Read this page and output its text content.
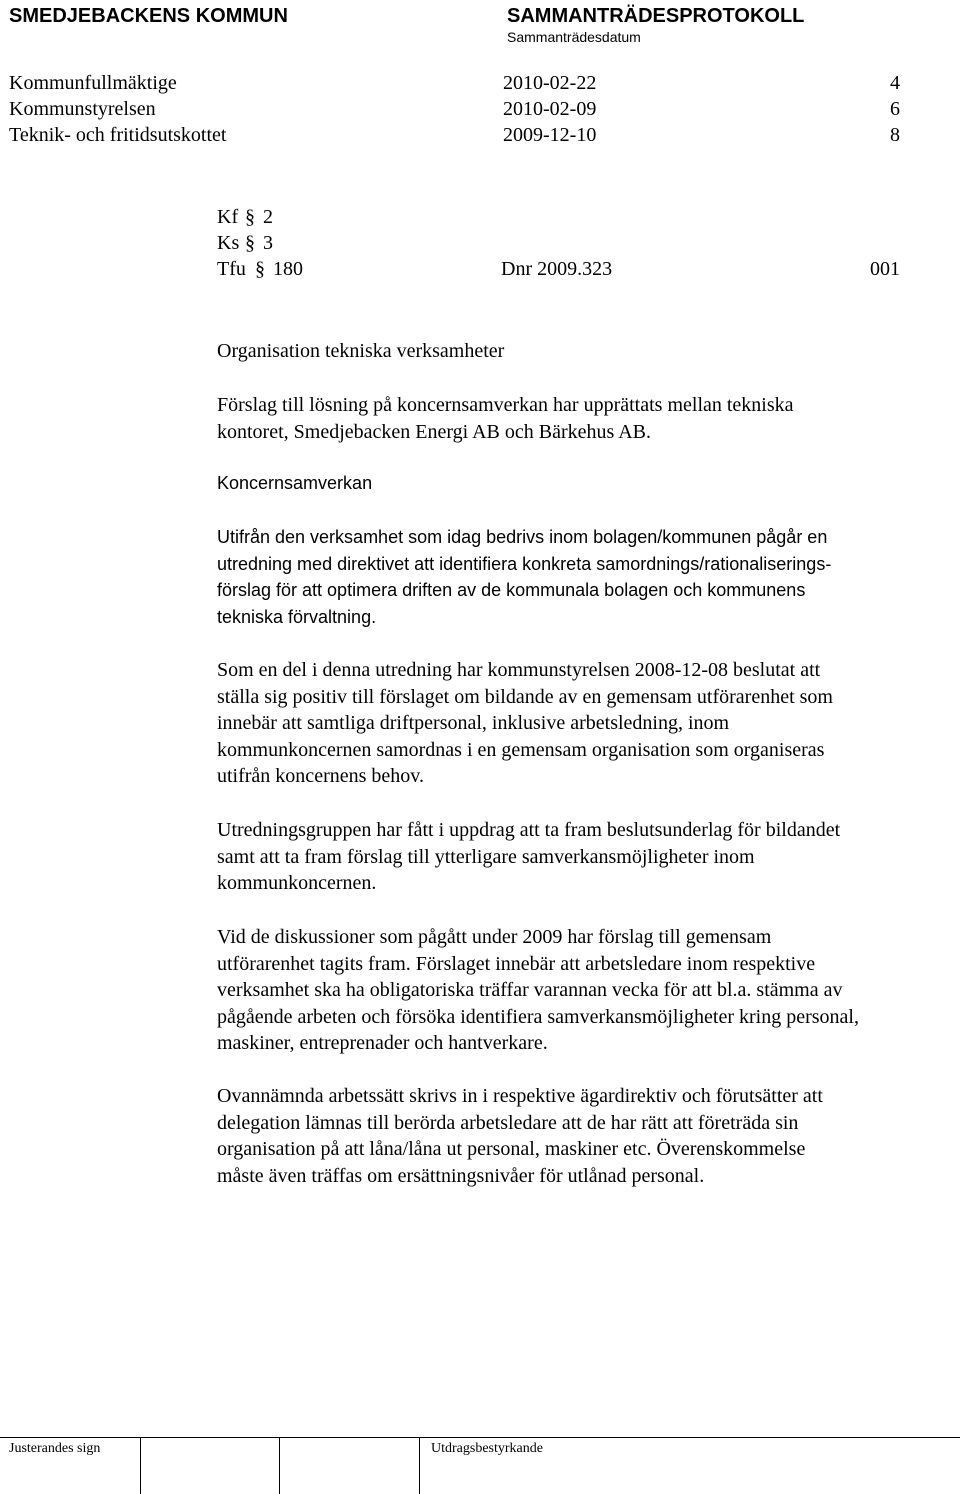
SMEDJEBACKENS KOMMUN	SAMMANTRÄDESPROTOKOLL
Sammanträdesdatum
Kommunfullmäktige	2010-02-22	4
Kommunstyrelsen	2010-02-09	6
Teknik- och fritidsutskottet	2009-12-10	8
Kf § 2
Ks § 3
Tfu § 180	Dnr 2009.323	001
Organisation tekniska verksamheter

Förslag till lösning på koncernsamverkan har upprättats mellan tekniska
kontoret, Smedjebacken Energi AB och Bärkehus AB.

Koncernsamverkan

Utifrån den verksamhet som idag bedrivs inom bolagen/kommunen pågår en
utredning med direktivet att identifiera konkreta samordnings/rationaliserings-
förslag för att optimera driften av de kommunala bolagen och kommunens
tekniska förvaltning.

Som en del i denna utredning har kommunstyrelsen 2008-12-08 beslutat att
ställa sig positiv till förslaget om bildande av en gemensam utförarenhet som
innebär att samtliga driftpersonal, inklusive arbetsledning, inom
kommunkoncernen samordnas i en gemensam organisation som organiseras
utifrån koncernens behov.

Utredningsgruppen har fått i uppdrag att ta fram beslutsunderlag för bildandet
samt att ta fram förslag till ytterligare samverkansmöjligheter inom
kommunkoncernen.

Vid de diskussioner som pågått under 2009 har förslag till gemensam
utförarenhet tagits fram. Förslaget innebär att arbetsledare inom respektive
verksamhet ska ha obligatoriska träffar varannan vecka för att bl.a. stämma av
pågående arbeten och försöka identifiera samverkansmöjligheter kring personal,
maskiner, entreprenader och hantverkare.

Ovannämnda arbetssätt skrivs in i respektive ägardirektiv och förutsätter att
delegation lämnas till berörda arbetsledare att de har rätt att företräda sin
organisation på att låna/låna ut personal, maskiner etc. Överenskommelse
måste även träffas om ersättningsnivåer för utlånad personal.

Justerandes sign	Utdragsbestyrkande
